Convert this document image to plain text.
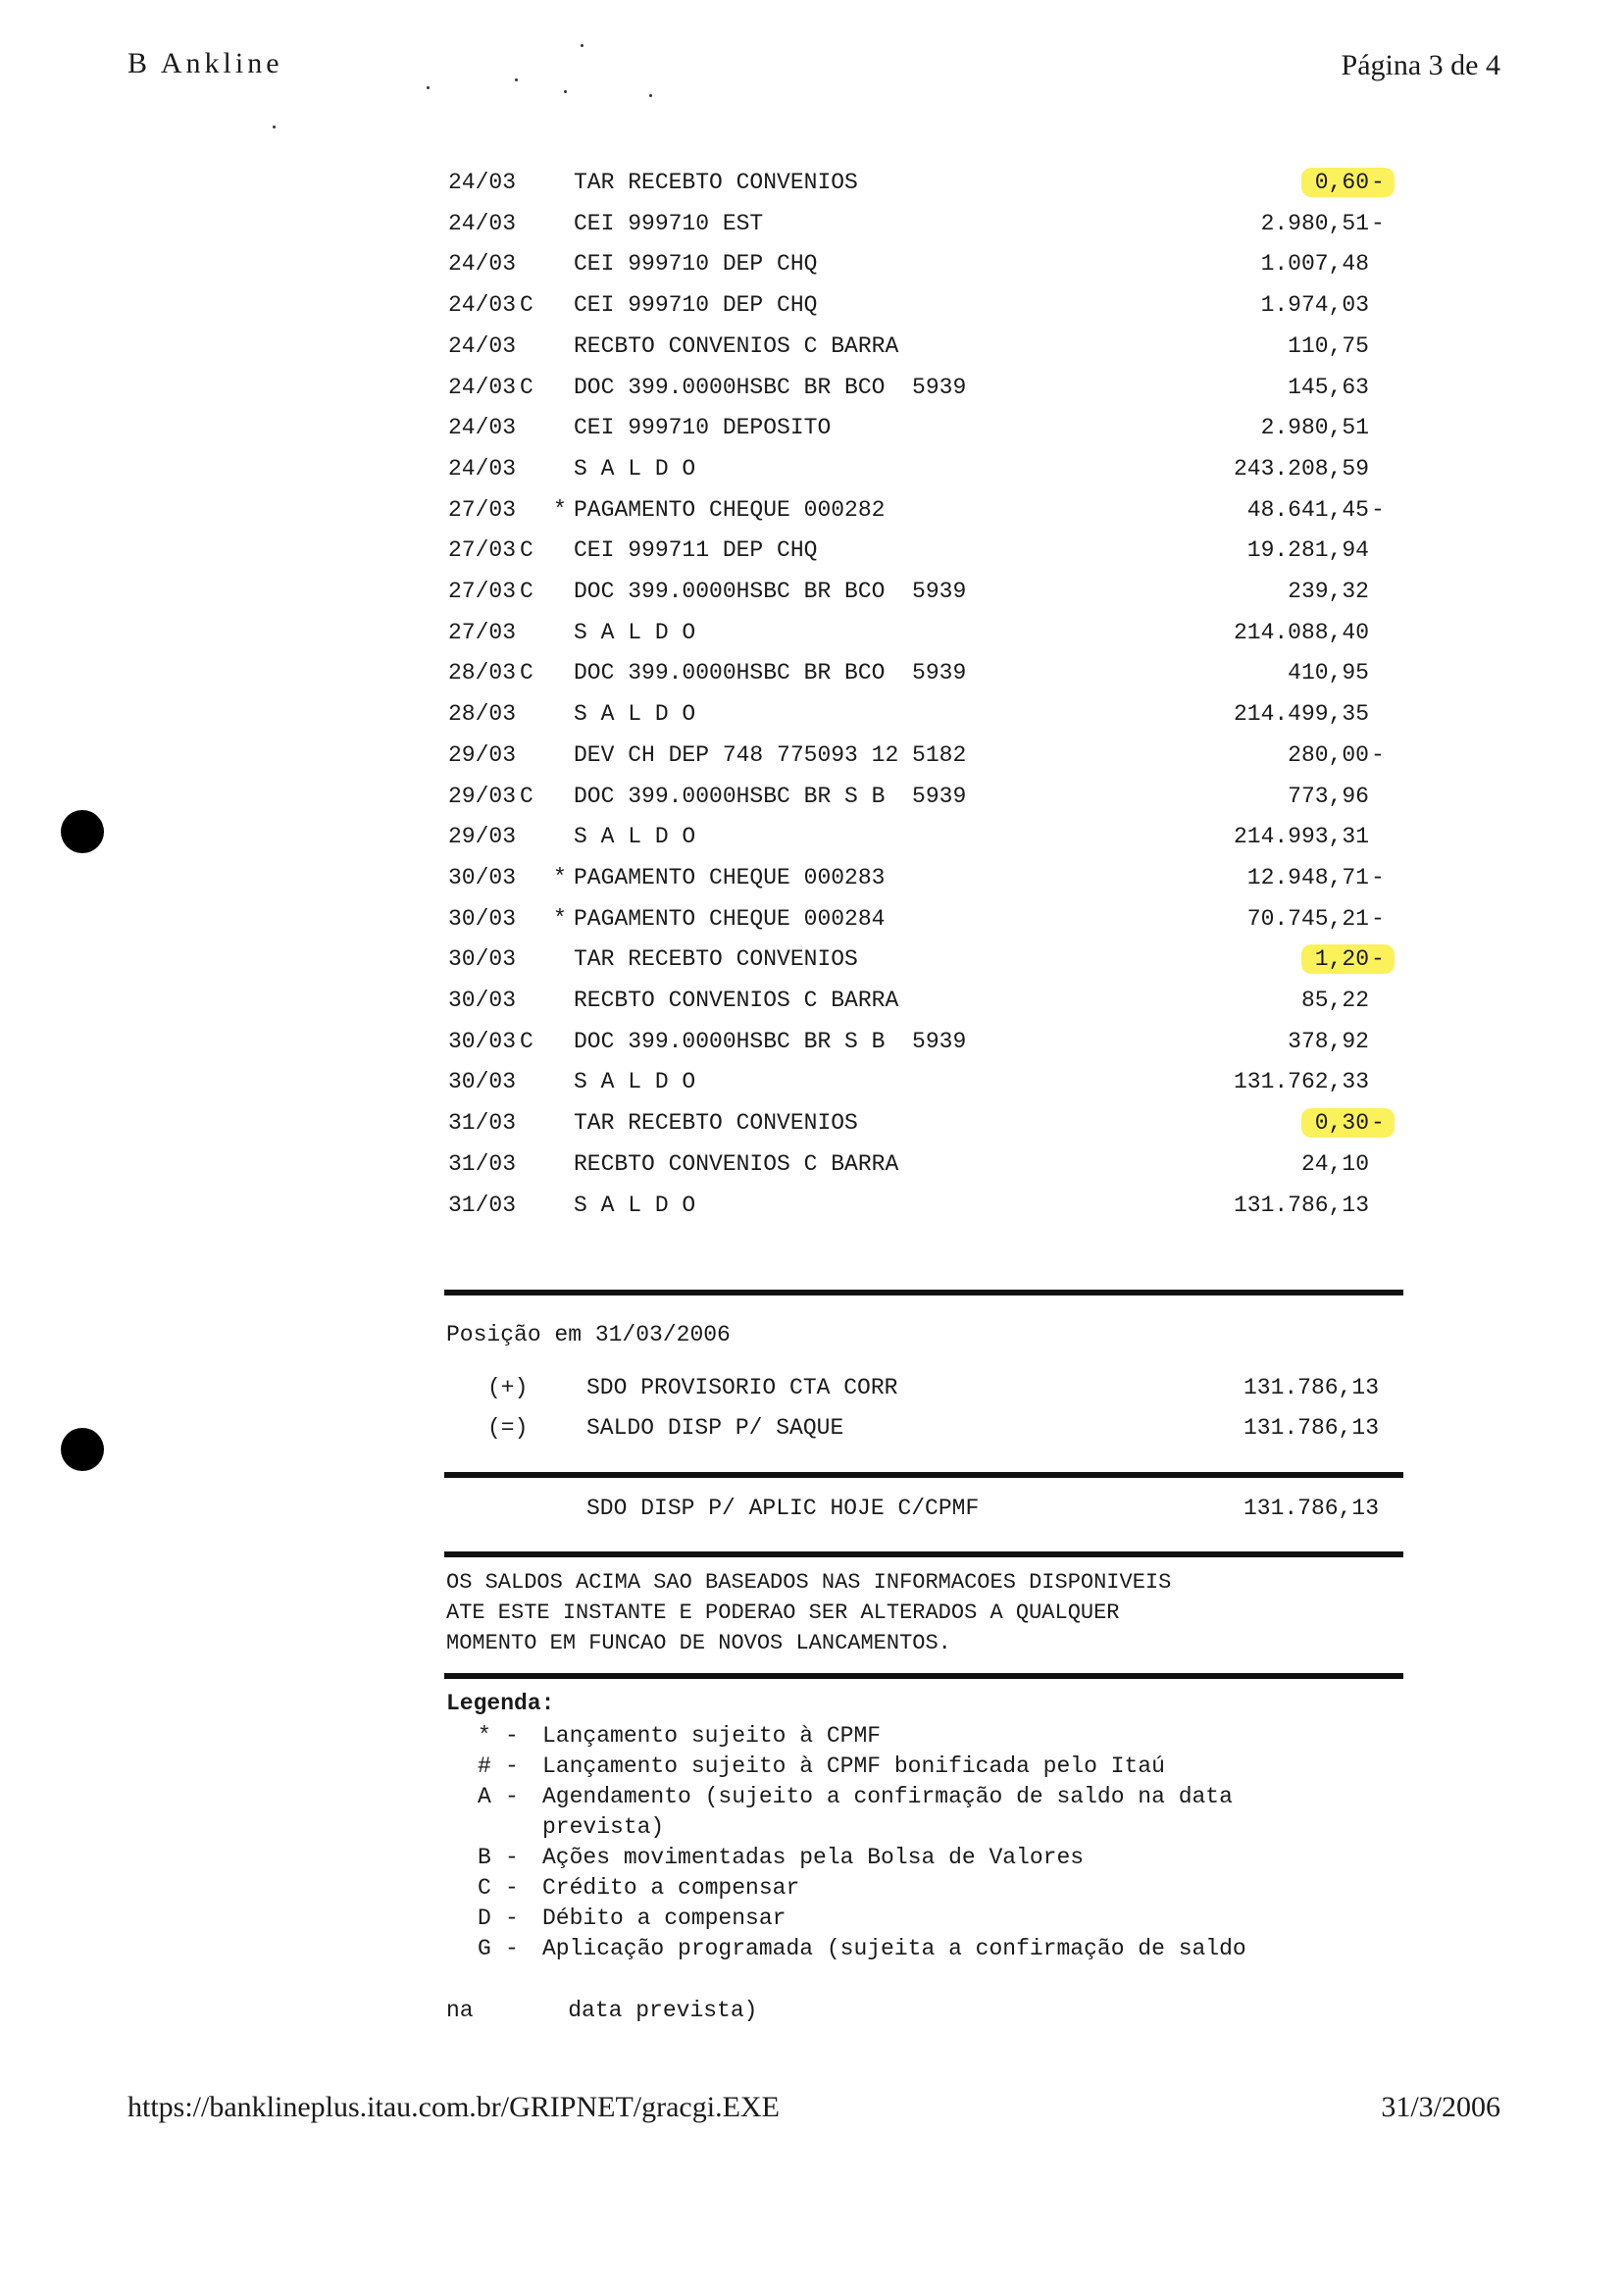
B Ankline	Página 3 de 4
24/03	TAR RECEBTO CONVENIOS	0,60 -
24/03	CEI 999710 EST	2.980,51 -
24/03	CEI 999710 DEP CHQ	1.007,48
24/03 C CEI 999710 DEP CHQ	1.974,03
24/03	RECBTO CONVENIOS C BARRA	110,75
24/03 C DOC 399.0000HSBC BR BCO  5939	145,63
24/03	CEI 999710 DEPOSITO	2.980,51
24/03	S A L D O	243.208,59
27/03 * PAGAMENTO CHEQUE 000282	48.641,45 -
27/03 C CEI 999711 DEP CHQ	19.281,94
27/03 C DOC 399.0000HSBC BR BCO  5939	239,32
27/03	S A L D O	214.088,40
28/03 C DOC 399.0000HSBC BR BCO  5939	410,95
28/03	S A L D O	214.499,35
29/03	DEV CH DEP 748 775093 12 5182	280,00 -
29/03 C DOC 399.0000HSBC BR S B  5939	773,96
29/03	S A L D O	214.993,31
30/03 * PAGAMENTO CHEQUE 000283	12.948,71 -
30/03 * PAGAMENTO CHEQUE 000284	70.745,21 -
30/03	TAR RECEBTO CONVENIOS	1,20 -
30/03	RECBTO CONVENIOS C BARRA	85,22
30/03 C DOC 399.0000HSBC BR S B  5939	378,92
30/03	S A L D O	131.762,33
31/03	TAR RECEBTO CONVENIOS	0,30 -
31/03	RECBTO CONVENIOS C BARRA	24,10
31/03	S A L D O	131.786,13
Posição em 31/03/2006
(+)	SDO PROVISORIO CTA CORR	131.786,13
(=)	SALDO DISP P/ SAQUE	131.786,13
SDO DISP P/ APLIC HOJE C/CPMF	131.786,13
OS SALDOS ACIMA SAO BASEADOS NAS INFORMACOES DISPONIVEIS
ATE ESTE INSTANTE E PODERAO SER ALTERADOS A QUALQUER
MOMENTO EM FUNCAO DE NOVOS LANCAMENTOS.
Legenda:
* - Lançamento sujeito à CPMF
# - Lançamento sujeito à CPMF bonificada pelo Itaú
A - Agendamento (sujeito a confirmação de saldo na data
prevista)
B - Ações movimentadas pela Bolsa de Valores
C - Crédito a compensar
D - Débito a compensar
G - Aplicação programada (sujeita a confirmação de saldo

na       data prevista)

https://banklineplus.itau.com.br/GRIPNET/gracgi.EXE	31/3/2006
